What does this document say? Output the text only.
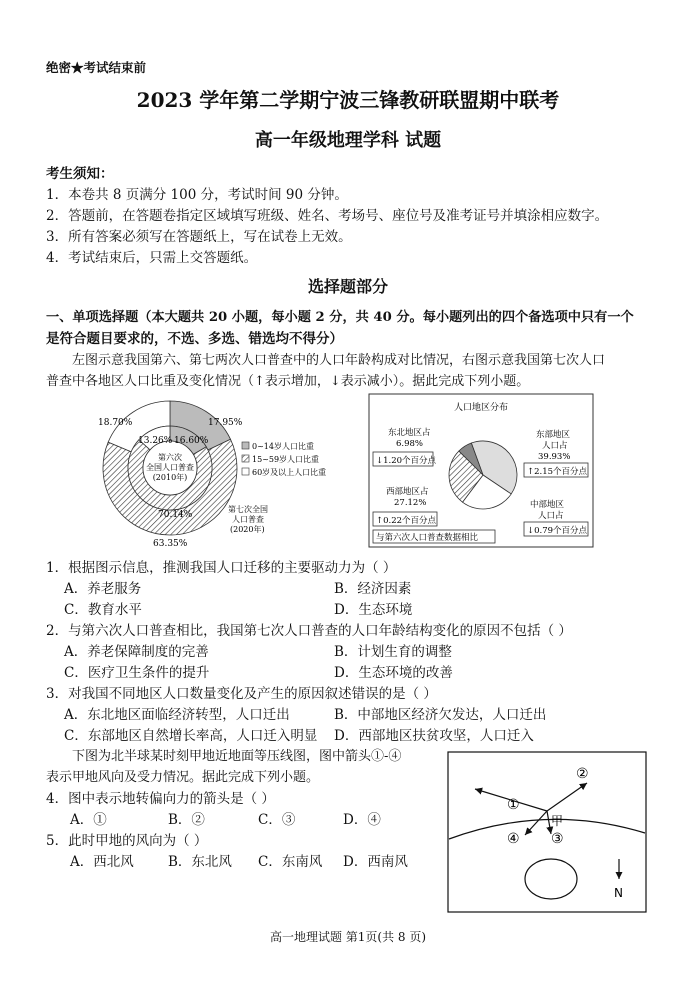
绝密★考试结束前
2023 学年第二学期宁波三锋教研联盟期中联考
高一年级地理学科 试题
考生须知：
1．本卷共 8 页满分 100 分，考试时间 90 分钟。
2．答题前，在答题卷指定区域填写班级、姓名、考场号、座位号及准考证号并填涂相应数字。
3．所有答案必须写在答题纸上，写在试卷上无效。
4．考试结束后，只需上交答题纸。
选择题部分
一、单项选择题（本大题共 20 小题，每小题 2 分，共 40 分。每小题列出的四个备选项中只有一个
是符合题目要求的，不选、多选、错选均不得分）
左图示意我国第六、第七两次人口普查中的人口年龄构成对比情况，右图示意我国第七次人口
普查中各地区人口比重及变化情况（↑表示增加，↓表示减小）。据此完成下列小题。
第六次
全国人口普查
(2010年)
18.70%	17.95%
13.26% 16.60%
70.14%
63.35%
第七次全国
人口普查
(2020年)
0~14岁人口比重
15~59岁人口比重
60岁及以上人口比重
人口地区分布
东北地区占
6.98%
↓1.20个百分点
东部地区
人口占
39.93%
↑2.15个百分点
西部地区占
27.12%
↑0.22个百分点
中部地区
人口占
↓0.79个百分点
与第六次人口普查数据相比
1．根据图示信息，推测我国人口迁移的主要驱动力为（ ）
A．养老服务	B．经济因素
C．教育水平	D．生态环境
2．与第六次人口普查相比，我国第七次人口普查的人口年龄结构变化的原因不包括（ ）
A．养老保障制度的完善	B．计划生育的调整
C．医疗卫生条件的提升	D．生态环境的改善
3．对我国不同地区人口数量变化及产生的原因叙述错误的是（ ）
A．东北地区面临经济转型，人口迁出	B．中部地区经济欠发达，人口迁出
C．东部地区自然增长率高，人口迁入明显 D．西部地区扶贫攻坚，人口迁入
下图为北半球某时刻甲地近地面等压线图，图中箭头①-④
表示甲地风向及受力情况。据此完成下列小题。
4．图中表示地转偏向力的箭头是（ ）
A．①	B．②	C．③	D．④
5．此时甲地的风向为（ ）
A．西北风	B．东北风 C．东南风 D．西南风
①
②
③
④
甲
N
高一地理试题 第1页(共 8 页)
